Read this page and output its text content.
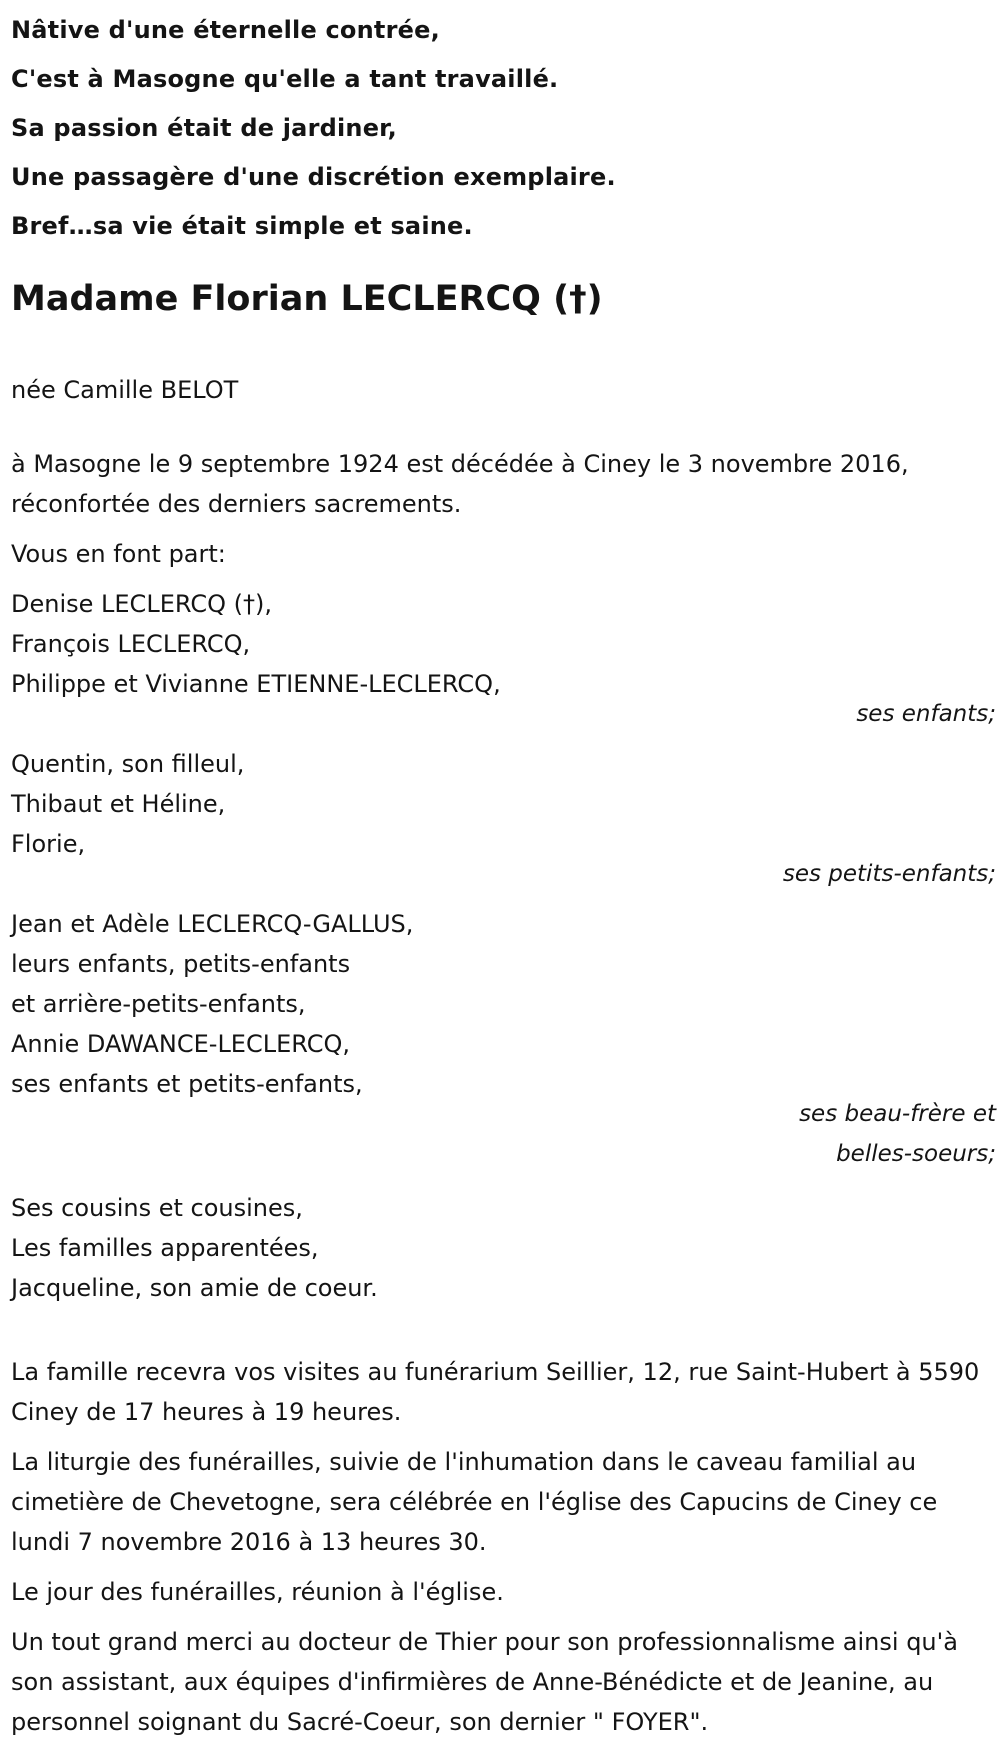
Nâtive d'une éternelle contrée,
C'est à Masogne qu'elle a tant travaillé.
Sa passion était de jardiner,
Une passagère d'une discrétion exemplaire.
Bref…sa vie était simple et saine.
Madame Florian LECLERCQ (†)

née Camille BELOT

à Masogne le 9 septembre 1924 est décédée à Ciney le 3 novembre 2016, réconfortée des derniers sacrements.

Vous en font part:

Denise LECLERCQ (†),
François LECLERCQ,
Philippe et Vivianne ETIENNE-LECLERCQ,
ses enfants;
Quentin, son filleul,
Thibaut et Héline,
Florie,
ses petits-enfants;
Jean et Adèle LECLERCQ-GALLUS,
leurs enfants, petits-enfants
et arrière-petits-enfants,
Annie DAWANCE-LECLERCQ,
ses enfants et petits-enfants,
ses beau-frère et
belles-soeurs;
Ses cousins et cousines,
Les familles apparentées,
Jacqueline, son amie de coeur.

La famille recevra vos visites au funérarium Seillier, 12, rue Saint-Hubert à 5590 Ciney de 17 heures à 19 heures.

La liturgie des funérailles, suivie de l'inhumation dans le caveau familial au cimetière de Chevetogne, sera célébrée en l'église des Capucins de Ciney ce lundi 7 novembre 2016 à 13 heures 30.

Le jour des funérailles, réunion à l'église.

Un tout grand merci au docteur de Thier pour son professionnalisme ainsi qu'à son assistant, aux équipes d'infirmières de Anne-Bénédicte et de Jeanine, au personnel soignant du Sacré-Coeur, son dernier " FOYER".
